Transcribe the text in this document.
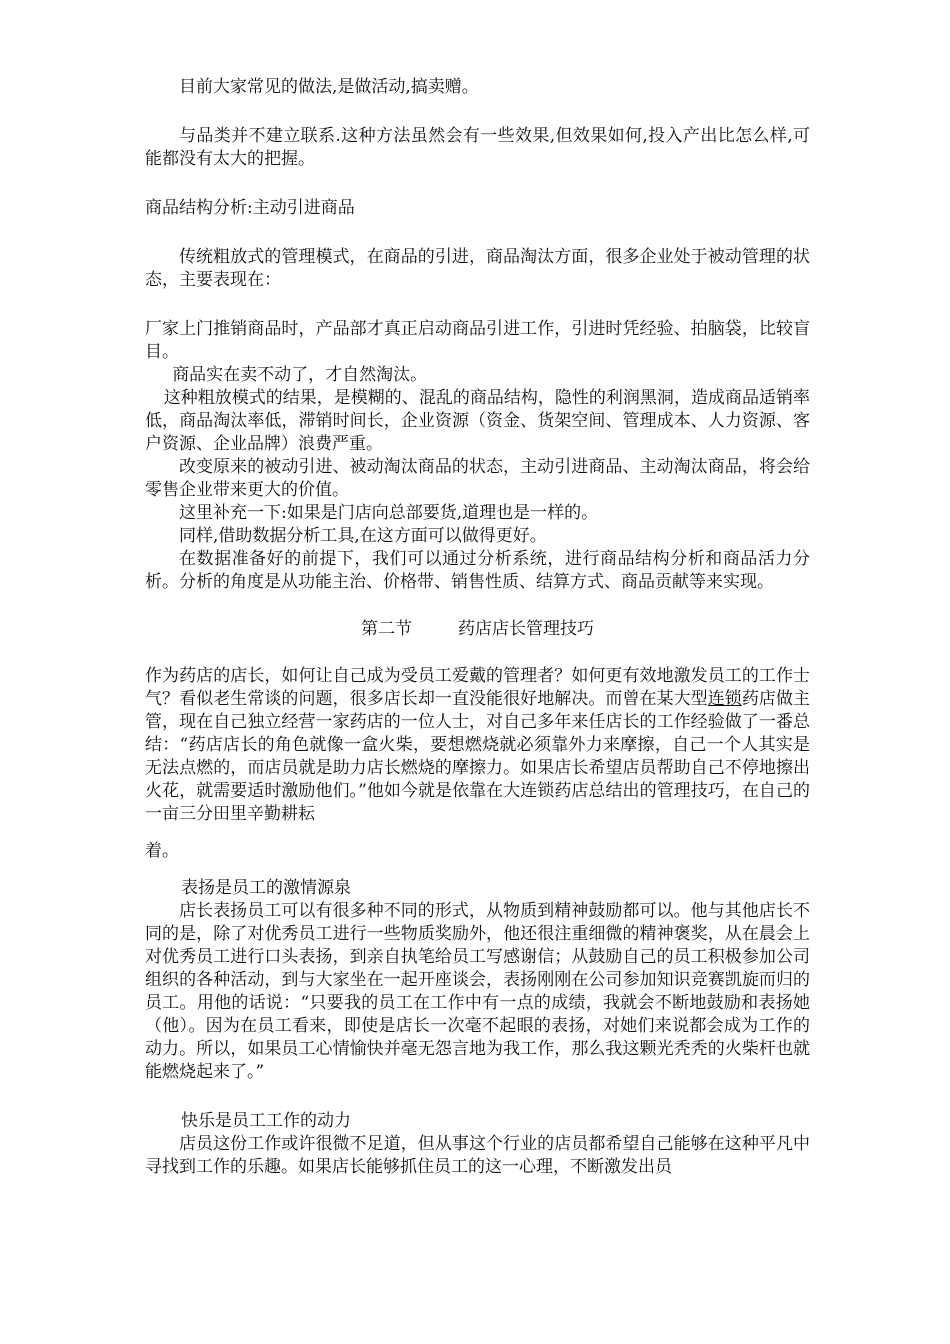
目前大家常见的做法,是做活动,搞卖赠。

与品类并不建立联系.这种方法虽然会有一些效果,但效果如何,投入产出比怎么样,可能都没有太大的把握。

商品结构分析:主动引进商品

传统粗放式的管理模式，在商品的引进，商品淘汰方面，很多企业处于被动管理的状态，主要表现在：

厂家上门推销商品时，产品部才真正启动商品引进工作，引进时凭经验、拍脑袋，比较盲目。

商品实在卖不动了，才自然淘汰。

这种粗放模式的结果，是模糊的、混乱的商品结构，隐性的利润黑洞，造成商品适销率低，商品淘汰率低，滞销时间长，企业资源（资金、货架空间、管理成本、人力资源、客户资源、企业品牌）浪费严重。

改变原来的被动引进、被动淘汰商品的状态，主动引进商品、主动淘汰商品，将会给零售企业带来更大的价值。

这里补充一下:如果是门店向总部要货,道理也是一样的。

同样,借助数据分析工具,在这方面可以做得更好。

在数据准备好的前提下，我们可以通过分析系统，进行商品结构分析和商品活力分析。分析的角度是从功能主治、价格带、销售性质、结算方式、商品贡献等来实现。

第二节	药店店长管理技巧

作为药店的店长，如何让自己成为受员工爱戴的管理者？如何更有效地激发员工的工作士气？看似老生常谈的问题，很多店长却一直没能很好地解决。而曾在某大型连锁药店做主管，现在自己独立经营一家药店的一位人士，对自己多年来任店长的工作经验做了一番总结：“药店店长的角色就像一盒火柴，要想燃烧就必须靠外力来摩擦，自己一个人其实是无法点燃的，而店员就是助力店长燃烧的摩擦力。如果店长希望店员帮助自己不停地擦出火花，就需要适时激励他们。”他如今就是依靠在大连锁药店总结出的管理技巧，在自己的一亩三分田里辛勤耕耘

着。

表扬是员工的激情源泉

店长表扬员工可以有很多种不同的形式，从物质到精神鼓励都可以。他与其他店长不同的是，除了对优秀员工进行一些物质奖励外，他还很注重细微的精神褒奖，从在晨会上对优秀员工进行口头表扬，到亲自执笔给员工写感谢信；从鼓励自己的员工积极参加公司组织的各种活动，到与大家坐在一起开座谈会，表扬刚刚在公司参加知识竞赛凯旋而归的员工。用他的话说：“只要我的员工在工作中有一点的成绩，我就会不断地鼓励和表扬她（他）。因为在员工看来，即使是店长一次毫不起眼的表扬，对她们来说都会成为工作的动力。所以，如果员工心情愉快并毫无怨言地为我工作，那么我这颗光秃秃的火柴杆也就能燃烧起来了。”

快乐是员工工作的动力

店员这份工作或许很微不足道，但从事这个行业的店员都希望自己能够在这种平凡中寻找到工作的乐趣。如果店长能够抓住员工的这一心理，不断激发出员
